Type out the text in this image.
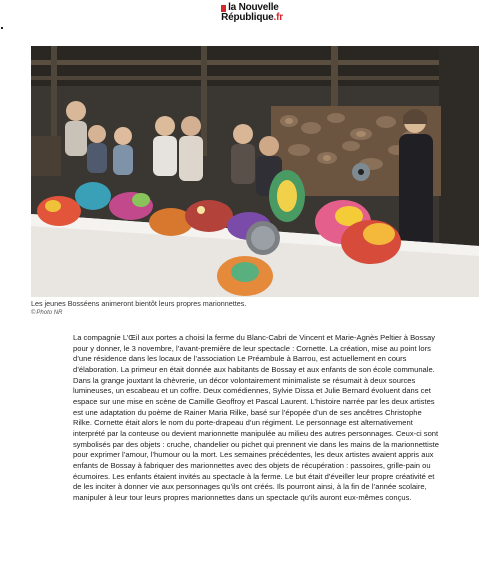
la Nouvelle
République.fr
Les jeunes Bosséens animeront bientôt leurs propres marionnettes.
©Photo NR

La compagnie L’Œil aux portes a choisi la ferme du Blanc-Cabri de Vincent et Marie-Agnès Peltier à Bossay pour y donner, le 3 novembre, l’avant-première de leur spectacle : Cornette. La création, mise au point lors d’une résidence dans les locaux de l’association Le Préambule à Barrou, est actuellement en cours d’élaboration. La primeur en était donnée aux habitants de Bossay et aux enfants de son école communale.

Dans la grange jouxtant la chèvrerie, un décor volontairement minimaliste se résumait à deux sources lumineuses, un escabeau et un coffre. Deux comédiennes, Sylvie Dissa et Julie Bernard évoluent dans cet espace sur une mise en scène de Camille Geoffroy et Pascal Laurent. L’histoire narrée par les deux artistes est une adaptation du poème de Rainer Maria Rilke, basé sur l’épopée d’un de ses ancêtres Christophe Rilke. Cornette était alors le nom du porte-drapeau d’un régiment. Le personnage est alternativement interprété par la conteuse ou devient marionnette manipulée au milieu des autres personnages. Ceux-ci sont symbolisés par des objets : cruche, chandelier ou pichet qui prennent vie dans les mains de la marionnettiste pour exprimer l’amour, l’humour ou la mort. Les semaines précédentes, les deux artistes avaient appris aux enfants de Bossay à fabriquer des marionnettes avec des objets de récupération : passoires, grille-pain ou écumoires. Les enfants étaient invités au spectacle à la ferme. Le but était d’éveiller leur propre créativité et de les inciter à donner vie aux personnages qu’ils ont créés. Ils pourront ainsi, à la fin de l’année scolaire, manipuler à leur tour leurs propres marionnettes dans un spectacle qu’ils auront eux-mêmes conçus.
